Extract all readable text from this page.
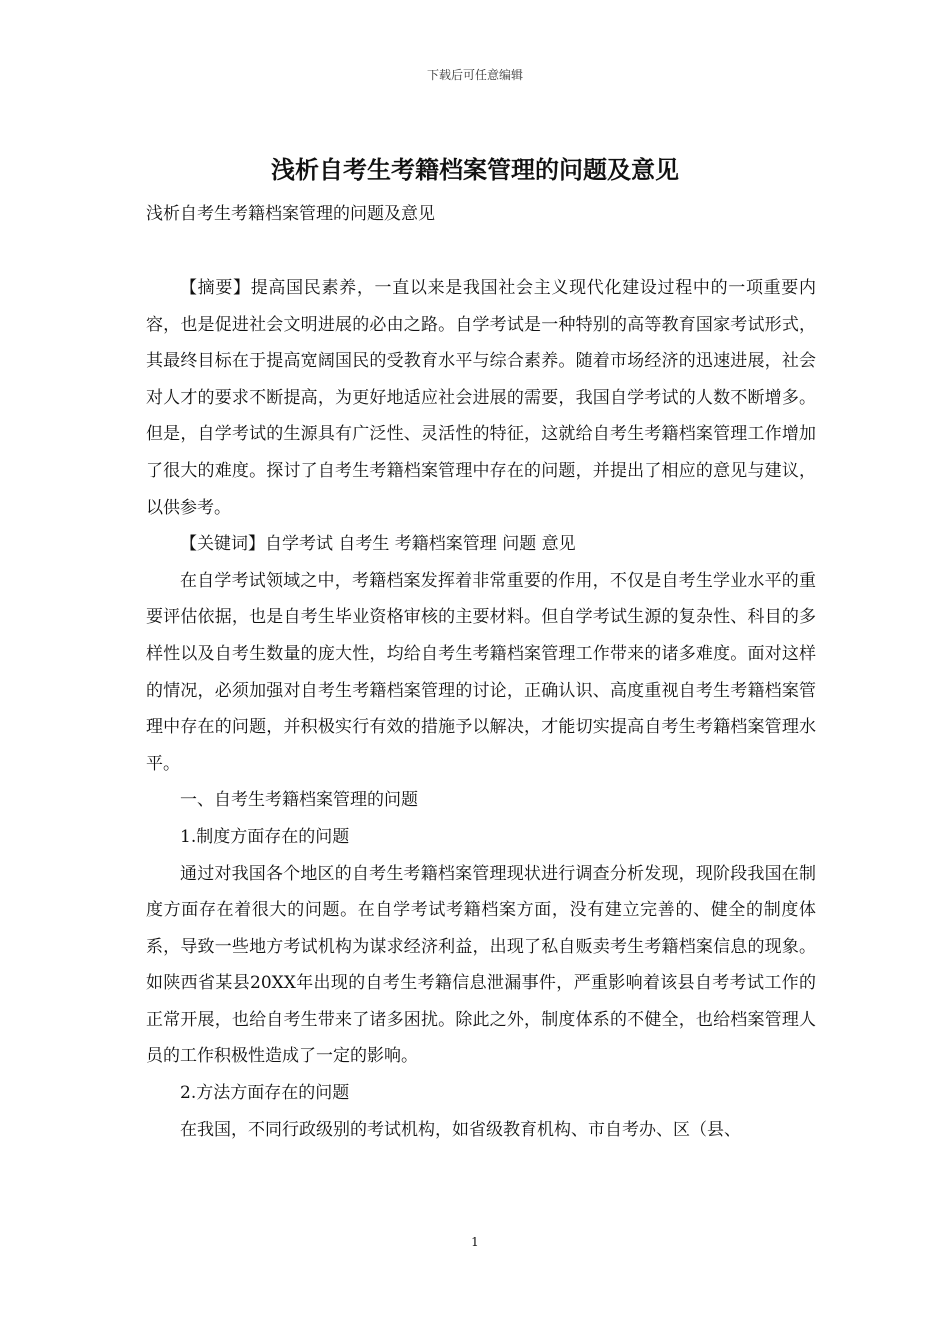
下载后可任意编辑
浅析自考生考籍档案管理的问题及意见

浅析自考生考籍档案管理的问题及意见

【摘要】提高国民素养，一直以来是我国社会主义现代化建设过程中的一项重要内容，也是促进社会文明进展的必由之路。自学考试是一种特别的高等教育国家考试形式，其最终目标在于提高宽阔国民的受教育水平与综合素养。随着市场经济的迅速进展，社会对人才的要求不断提高，为更好地适应社会进展的需要，我国自学考试的人数不断增多。但是，自学考试的生源具有广泛性、灵活性的特征，这就给自考生考籍档案管理工作增加了很大的难度。探讨了自考生考籍档案管理中存在的问题，并提出了相应的意见与建议，以供参考。

【关键词】自学考试 自考生 考籍档案管理 问题 意见

在自学考试领域之中，考籍档案发挥着非常重要的作用，不仅是自考生学业水平的重要评估依据，也是自考生毕业资格审核的主要材料。但自学考试生源的复杂性、科目的多样性以及自考生数量的庞大性，均给自考生考籍档案管理工作带来的诸多难度。面对这样的情况，必须加强对自考生考籍档案管理的讨论，正确认识、高度重视自考生考籍档案管理中存在的问题，并积极实行有效的措施予以解决，才能切实提高自考生考籍档案管理水平。

一、自考生考籍档案管理的问题

1.制度方面存在的问题

通过对我国各个地区的自考生考籍档案管理现状进行调查分析发现，现阶段我国在制度方面存在着很大的问题。在自学考试考籍档案方面，没有建立完善的、健全的制度体系，导致一些地方考试机构为谋求经济利益，出现了私自贩卖考生考籍档案信息的现象。如陕西省某县20XX年出现的自考生考籍信息泄漏事件，严重影响着该县自考考试工作的正常开展，也给自考生带来了诸多困扰。除此之外，制度体系的不健全，也给档案管理人员的工作积极性造成了一定的影响。

2.方法方面存在的问题

在我国，不同行政级别的考试机构，如省级教育机构、市自考办、区（县、

1
